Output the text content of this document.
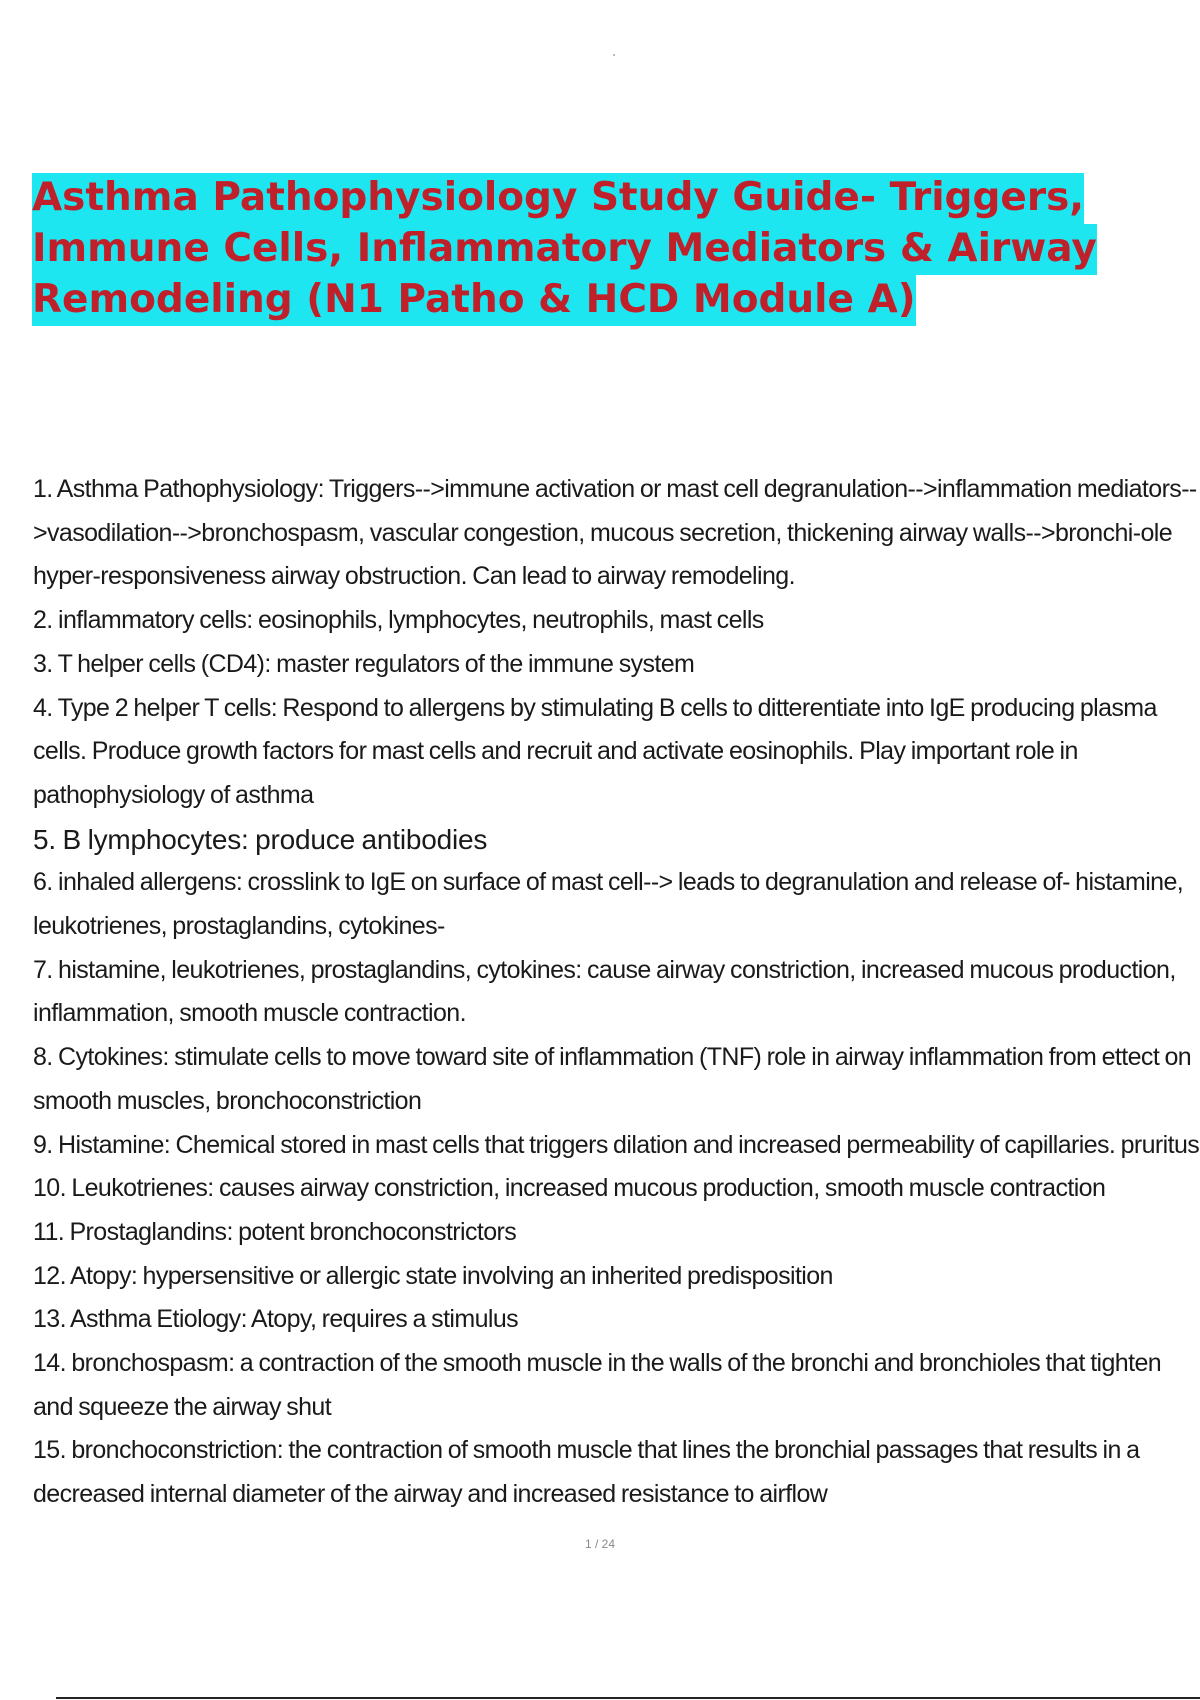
Asthma Pathophysiology Study Guide- Triggers, Immune Cells, Inflammatory Mediators & Airway Remodeling (N1 Patho & HCD Module A)

1. Asthma Pathophysiology: Triggers-->immune activation or mast cell degranulation-->inflammation mediators-->vasodilation-->bronchospasm, vascular congestion, mucous secretion, thickening airway walls-->bronchi-ole hyper-responsiveness airway obstruction. Can lead to airway remodeling.

2. inflammatory cells: eosinophils, lymphocytes, neutrophils, mast cells

3. T helper cells (CD4): master regulators of the immune system

4. Type 2 helper T cells: Respond to allergens by stimulating B cells to ditterentiate into IgE producing plasma cells. Produce growth factors for mast cells and recruit and activate eosinophils. Play important role in pathophysiology of asthma

5. B lymphocytes: produce antibodies

6. inhaled allergens: crosslink to IgE on surface of mast cell--> leads to degranulation and release of- histamine, leukotrienes, prostaglandins, cytokines-

7. histamine, leukotrienes, prostaglandins, cytokines: cause airway constriction, increased mucous production, inflammation, smooth muscle contraction.

8. Cytokines: stimulate cells to move toward site of inflammation (TNF) role in airway inflammation from ettect on smooth muscles, bronchoconstriction

9. Histamine: Chemical stored in mast cells that triggers dilation and increased permeability of capillaries. pruritus

10. Leukotrienes: causes airway constriction, increased mucous production, smooth muscle contraction

11. Prostaglandins: potent bronchoconstrictors

12. Atopy: hypersensitive or allergic state involving an inherited predisposition

13. Asthma Etiology: Atopy, requires a stimulus

14. bronchospasm: a contraction of the smooth muscle in the walls of the bronchi and bronchioles that tighten and squeeze the airway shut

15. bronchoconstriction: the contraction of smooth muscle that lines the bronchial passages that results in a decreased internal diameter of the airway and increased resistance to airflow

1 / 24
